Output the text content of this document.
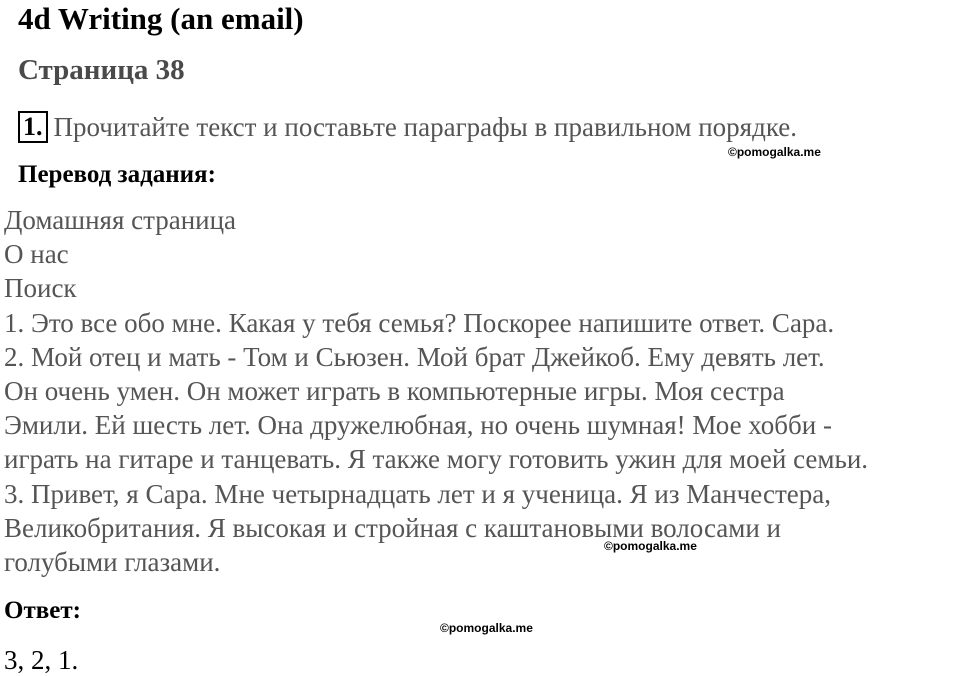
4d Writing (an email)
Страница 38
1. Прочитайте текст и поставьте параграфы в правильном порядке.
©pomogalka.me
Перевод задания:
Домашняя страница
О нас
Поиск
1. Это все обо мне. Какая у тебя семья? Поскорее напишите ответ. Сара.
2. Мой отец и мать - Том и Сьюзен. Мой брат Джейкоб. Ему девять лет.
Он очень умен. Он может играть в компьютерные игры. Моя сестра
Эмили. Ей шесть лет. Она дружелюбная, но очень шумная! Мое хобби -
играть на гитаре и танцевать. Я также могу готовить ужин для моей семьи.
3. Привет, я Сара. Мне четырнадцать лет и я ученица. Я из Манчестера,
Великобритания. Я высокая и стройная с каштановыми волосами и
голубыми глазами.
©pomogalka.me
Ответ:
©pomogalka.me
3, 2, 1.
